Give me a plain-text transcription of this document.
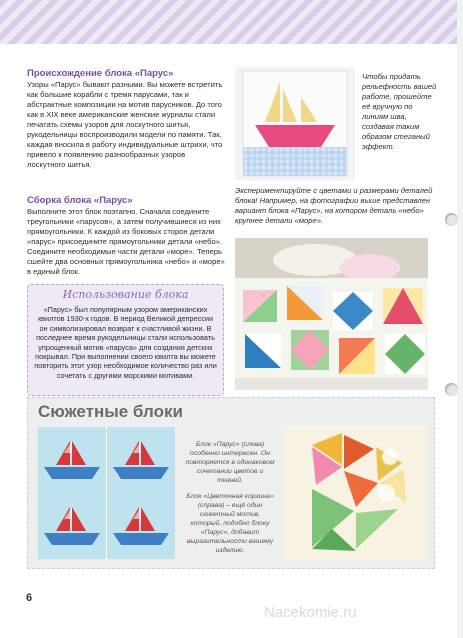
Происхождение блока «Парус»
Узоры «Парус» бывают разными. Вы можете встретить как большие корабли с тремя парусами, так и абстрактные композиции на мотив парусников. До того как в XIX веке американские женские журналы стали печатать схемы узоров для лоскутного шитья, рукодельницы воспроизводили модели по памяти. Так, каждая вносила в работу индивидуальные штрихи, что привело к появлению разнообразных узоров лоскутного шитья.
Сборка блока «Парус»
Выполните этот блок поэтапно. Сначала соедините треугольники «парусов», а затем получившиеся из них прямоугольники. К каждой из боковых сторон детали «парус» присоедините прямоугольники детали «небо». Соедините необходимые части детали «море». Теперь сшейте два основных прямоугольника «небо» и «море» в единый блок.
Использование блока
«Парус» был популярным узором американских квилтов 1930-х годов. В период Великой депрессии он символизировал возврат к счастливой жизни. В последнее время рукодельницы стали использовать упрощенный мотив «паруса» для создания детских покрывал. При выполнении своего квилта вы можете повторить этот узор необходимое количество раз или сочетать с другими морскими мотивами.
Чтобы придать рельефность вашей работе, прошейте её вручную по линиям шва, создавая таким образом стеганый эффект.
Экспериментируйте с цветами и размерами деталей блока! Например, на фотографии выше представлен вариант блока «Парус», на котором деталь «небо» крупнее детали «море».
Сюжетные блоки
Блок «Парус» (слева) особенно интересен. Он повторяется в одинаковом сочетании цветов и тканей.
Блок «Цветочная корзина» (справа) – ещё один сюжетный мотив, который, подобно блоку «Парус», добавит выразительности вашему изделию.
6
Nacekomie.ru
